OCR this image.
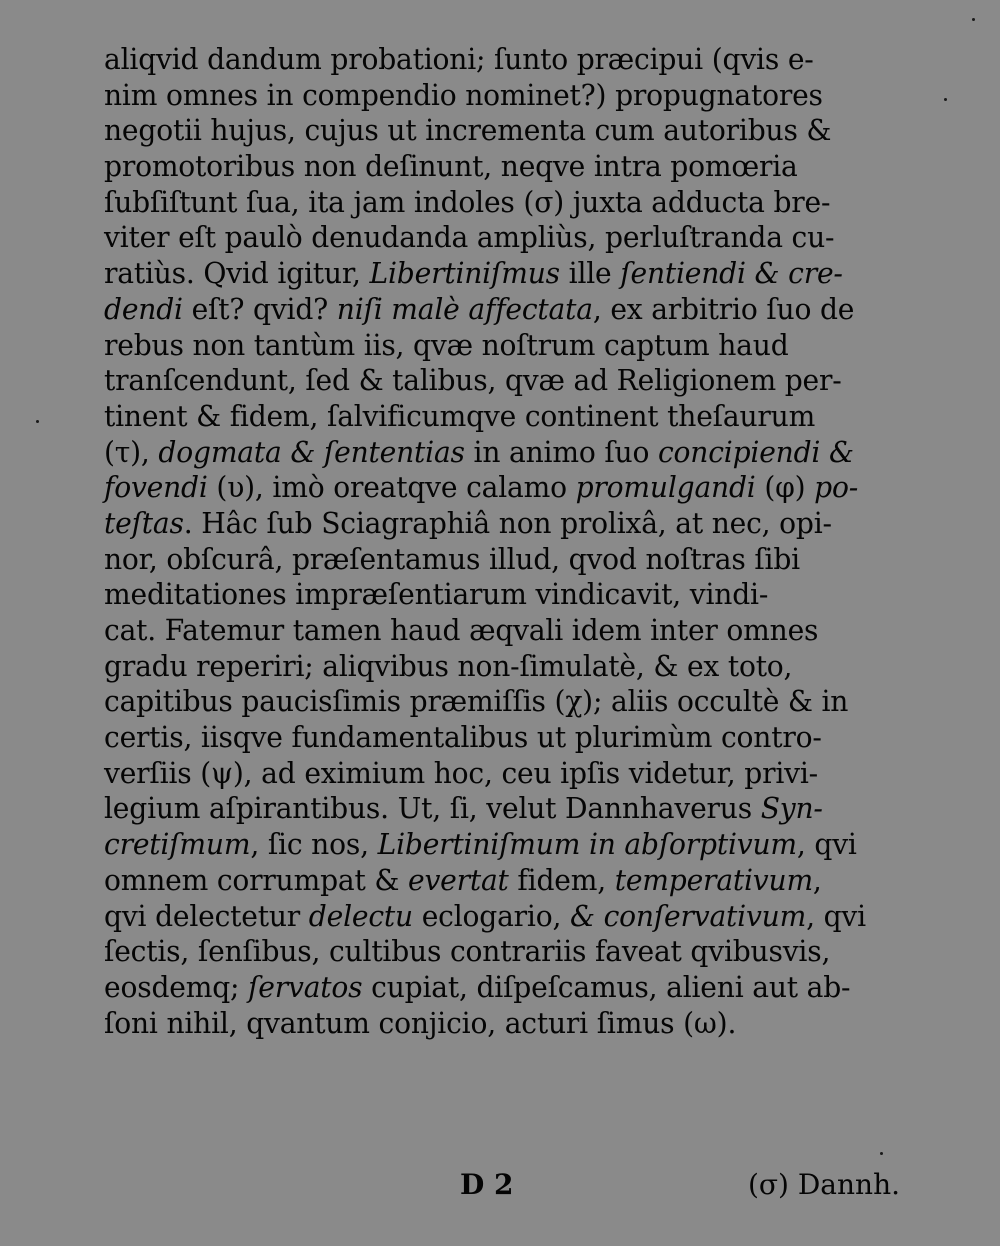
aliqvid dandum probationi; ſunto præcipui (qvis e-
nim omnes in compendio nominet?) propugnatores
negotii hujus, cujus ut incrementa cum autoribus &
promotoribus non deſinunt, neqve intra pomœria
ſubſiſtunt ſua, ita jam indoles (σ) juxta adducta bre-
viter eſt paulò denudanda ampliùs, perluſtranda cu-
ratiùs. Qvid igitur, Libertiniſmus ille ſentiendi & cre-
dendi eſt? qvid? niſi malè affectata, ex arbitrio ſuo de
rebus non tantùm iis, qvæ noſtrum captum haud
tranſcendunt, ſed & talibus, qvæ ad Religionem per-
tinent & fidem, ſalvificumqve continent theſaurum
(τ), dogmata & ſententias in animo ſuo concipiendi &
fovendi (υ), imò oreatqve calamo promulgandi (φ) po-
teſtas. Hâc ſub Sciagraphiâ non prolixâ, at nec, opi-
nor, obſcurâ, præſentamus illud, qvod noſtras ſibi
meditationes impræſentiarum vindicavit, vindi-
cat. Fatemur tamen haud æqvali idem inter omnes
gradu reperiri; aliqvibus non-ſimulatè, & ex toto,
capitibus paucisſimis præmiſſis (χ); aliis occultè & in
certis, iisqve fundamentalibus ut plurimùm contro-
verſiis (ψ), ad eximium hoc, ceu ipſis videtur, privi-
legium aſpirantibus. Ut, ſi, velut Dannhaverus Syn-
cretiſmum, ſic nos, Libertiniſmum in abſorptivum, qvi
omnem corrumpat & evertat fidem, temperativum,
qvi delectetur delectu eclogario, & conſervativum, qvi
ſectis, ſenſibus, cultibus contrariis faveat qvibusvis,
eosdemq; ſervatos cupiat, diſpeſcamus, alieni aut ab-
ſoni nihil, qvantum conjicio, acturi ſimus (ω).
D 2	(σ) Dannh.
